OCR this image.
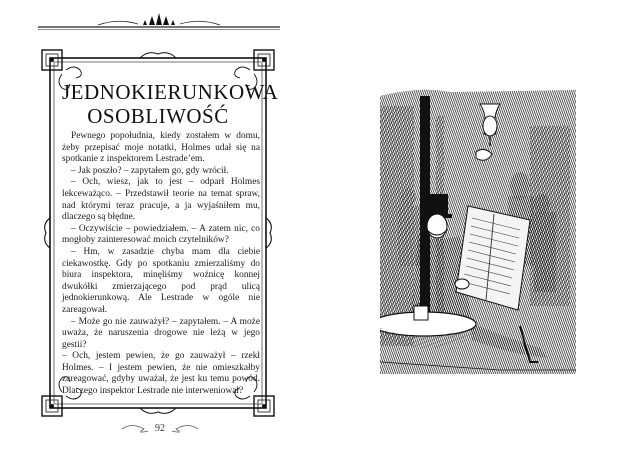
JEDNOKIERUNKOWA
OSOBLIWOŚĆ

Pewnego popołudnia, kiedy zostałem w domu, żeby przepisać moje notatki, Holmes udał się na spotkanie z inspektorem Lestrade’em.

– Jak poszło? – zapytałem go, gdy wrócił.

– Och, wiesz, jak to jest – odparł Holmes lekceważąco. – Przedstawił teorie na temat spraw, nad którymi teraz pracuje, a ja wyjaśniłem mu, dlaczego są błędne.

– Oczywiście – powiedziałem. – A zatem nic, co mogłoby zainteresować moich czytelników?

– Hm, w zasadzie chyba mam dla ciebie ciekawostkę. Gdy po spotkaniu zmierzaliśmy do biura inspektora, minęliśmy woźnicę konnej dwukółki zmierzającego pod prąd ulicą jednokierunkową. Ale Lestrade w ogóle nie zareagował.

– Może go nie zauważył? – zapytałem. – A może uważa, że naruszenia drogowe nie leżą w jego gestii?

– Och, jestem pewien, że go zauważył – rzekł Holmes. – I jestem pewien, że nie omieszkałby zareagować, gdyby uważał, że jest ku temu powód. Dlaczego inspektor Lestrade nie interweniował?

92
